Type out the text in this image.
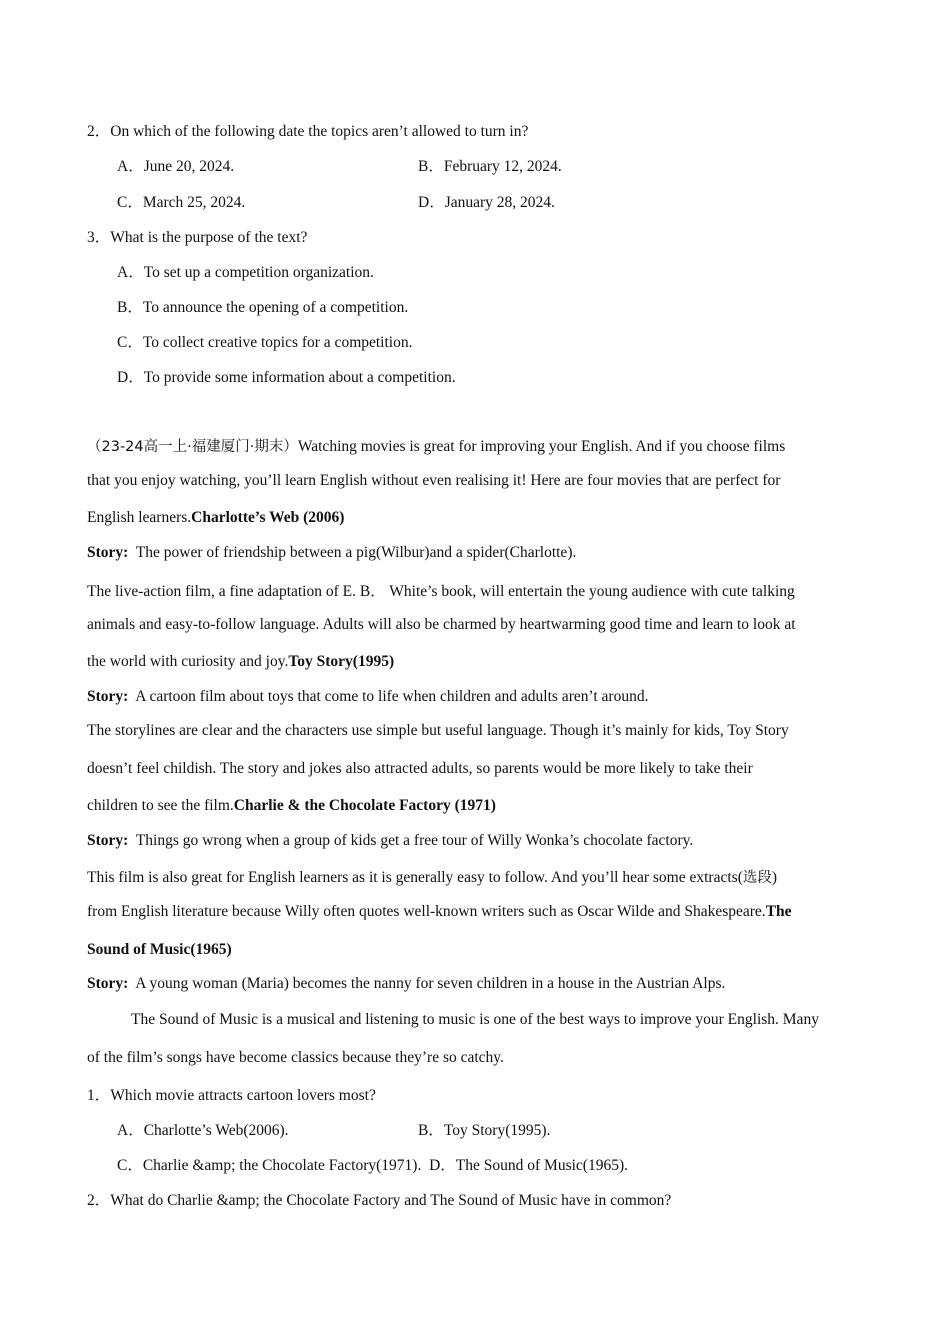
2．On which of the following date the topics aren’t allowed to turn in?
A．June 20, 2024.	B．February 12, 2024.
C．March 25, 2024.	D．January 28, 2024.
3．What is the purpose of the text?
A．To set up a competition organization.
B．To announce the opening of a competition.
C．To collect creative topics for a competition.
D．To provide some information about a competition.
（23-24高一上·福建厦门·期末）Watching movies is great for improving your English. And if you choose films
that you enjoy watching, you’ll learn English without even realising it! Here are four movies that are perfect for
English learners.Charlotte’s Web (2006)
Story: The power of friendship between a pig(Wilbur)and a spider(Charlotte).
The live-action film, a fine adaptation of E. B． White’s book, will entertain the young audience with cute talking
animals and easy-to-follow language. Adults will also be charmed by heartwarming good time and learn to look at
the world with curiosity and joy.Toy Story(1995)
Story: A cartoon film about toys that come to life when children and adults aren’t around.
The storylines are clear and the characters use simple but useful language. Though it’s mainly for kids, Toy Story
doesn’t feel childish. The story and jokes also attracted adults, so parents would be more likely to take their
children to see the film.Charlie & the Chocolate Factory (1971)
Story: Things go wrong when a group of kids get a free tour of Willy Wonka’s chocolate factory.
This film is also great for English learners as it is generally easy to follow. And you’ll hear some extracts(选段)
from English literature because Willy often quotes well-known writers such as Oscar Wilde and Shakespeare.The
Sound of Music(1965)
Story: A young woman (Maria) becomes the nanny for seven children in a house in the Austrian Alps.
The Sound of Music is a musical and listening to music is one of the best ways to improve your English. Many
of the film’s songs have become classics because they’re so catchy.
1．Which movie attracts cartoon lovers most?
A．Charlotte’s Web(2006).	B．Toy Story(1995).
C．Charlie &amp; the Chocolate Factory(1971). D．The Sound of Music(1965).
2．What do Charlie &amp; the Chocolate Factory and The Sound of Music have in common?
